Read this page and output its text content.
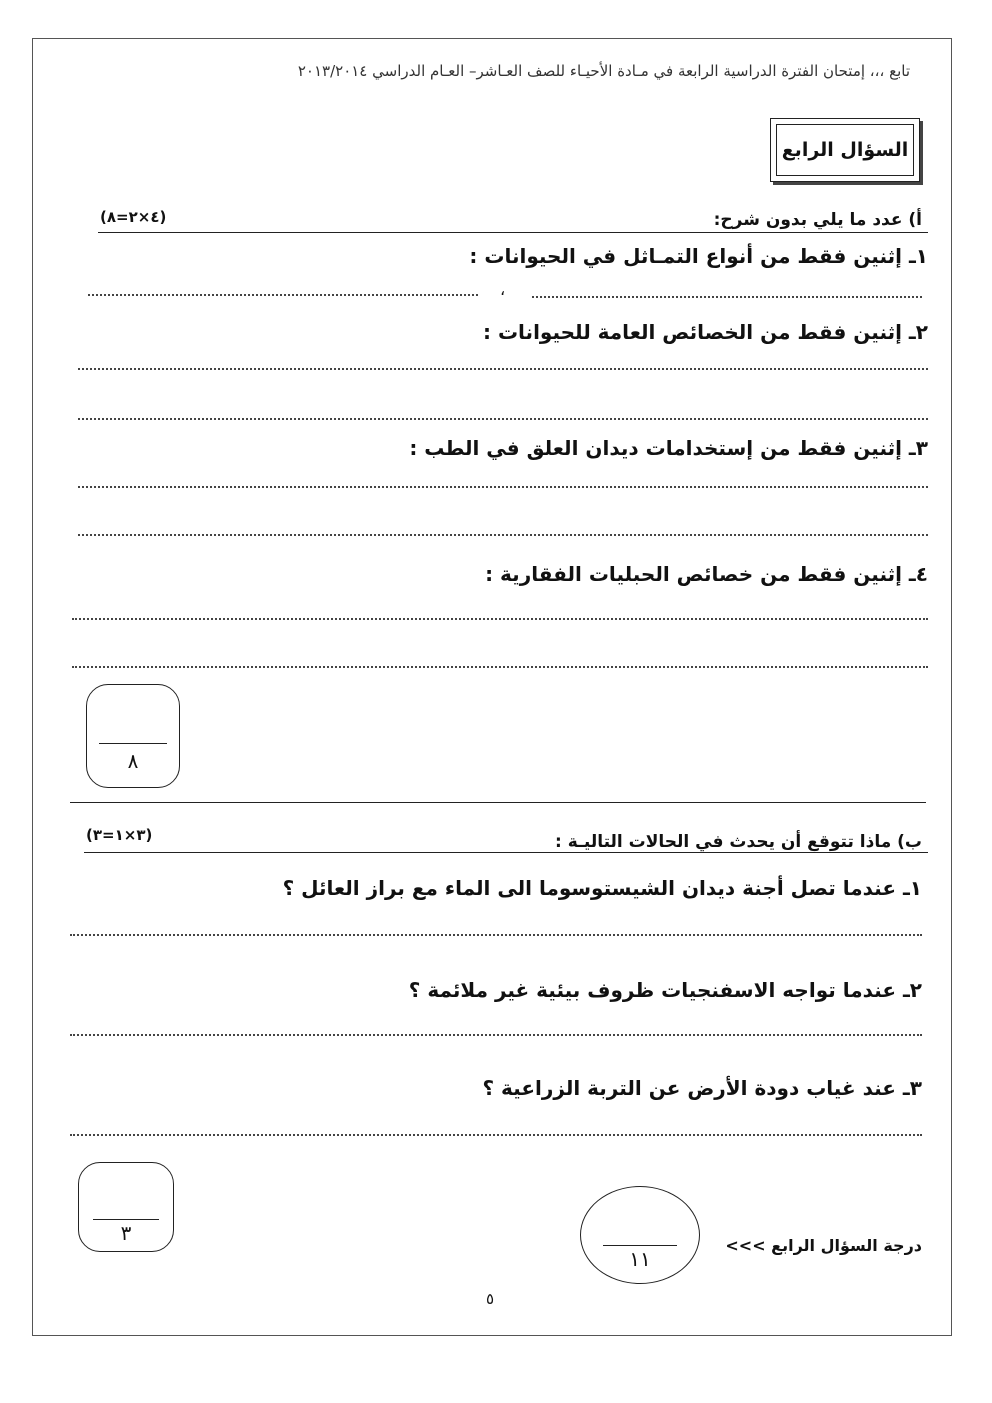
تابع ،،، إمتحان الفترة الدراسية الرابعة في مـادة الأحيـاء للصف العـاشر– العـام الدراسي ٢٠١٣/٢٠١٤
السؤال الرابع
أ) عدد ما يلي بدون شرح:
(٤×٢=٨)
١ـ إثنين فقط من أنواع التمـاثل في الحيوانات :
،
٢ـ إثنين فقط من الخصائص العامة للحيوانات :
٣ـ إثنين فقط من إستخدامات ديدان العلق في الطب :
٤ـ إثنين فقط من خصائص الحبليات الفقارية :
٨
ب) ماذا تتوقع أن يحدث في الحالات التاليـة :
(٣×١=٣)
١ـ عندما تصل أجنة ديدان الشيستوسوما الى الماء مع براز العائل ؟
٢ـ عندما تواجه الاسفنجيات ظروف بيئية غير ملائمة ؟
٣ـ عند غياب دودة الأرض عن التربة الزراعية ؟
٣
١١
درجة السؤال الرابع >>>
٥
